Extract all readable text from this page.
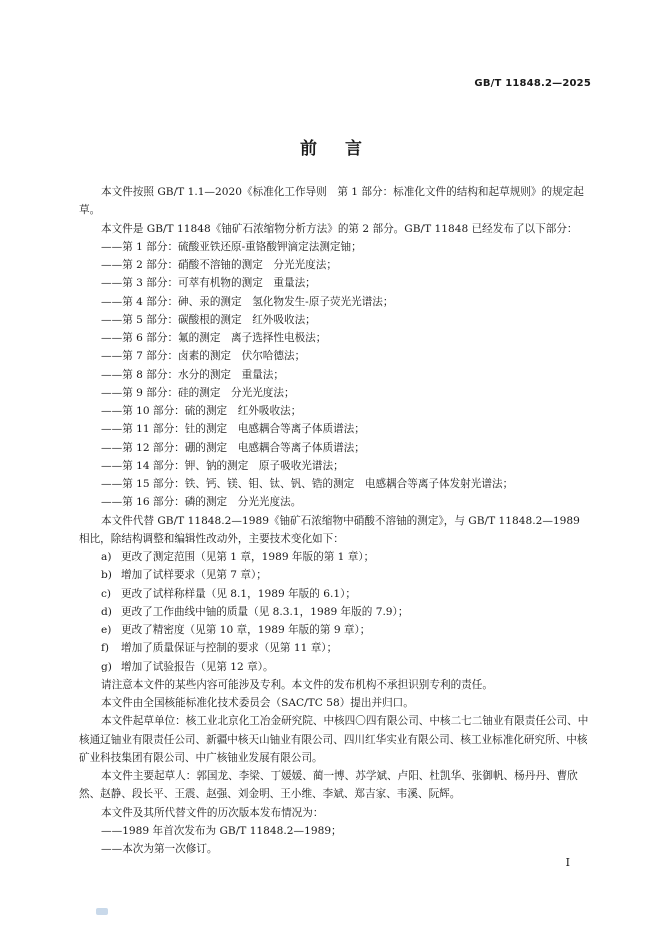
GB/T 11848.2—2025
前言
本文件按照 GB/T 1.1—2020《标准化工作导则　第 1 部分：标准化文件的结构和起草规则》的规定起草。
本文件是 GB/T 11848《铀矿石浓缩物分析方法》的第 2 部分。GB/T 11848 已经发布了以下部分：
——第 1 部分：硫酸亚铁还原-重铬酸钾滴定法测定铀；
——第 2 部分：硝酸不溶铀的测定　分光光度法；
——第 3 部分：可萃有机物的测定　重量法；
——第 4 部分：砷、汞的测定　氢化物发生-原子荧光光谱法；
——第 5 部分：碳酸根的测定　红外吸收法；
——第 6 部分：氟的测定　离子选择性电极法；
——第 7 部分：卤素的测定　伏尔哈德法；
——第 8 部分：水分的测定　重量法；
——第 9 部分：硅的测定　分光光度法；
——第 10 部分：硫的测定　红外吸收法；
——第 11 部分：钍的测定　电感耦合等离子体质谱法；
——第 12 部分：硼的测定　电感耦合等离子体质谱法；
——第 14 部分：钾、钠的测定　原子吸收光谱法；
——第 15 部分：铁、钙、镁、钼、钛、钒、锆的测定　电感耦合等离子体发射光谱法；
——第 16 部分：磷的测定　分光光度法。
本文件代替 GB/T 11848.2—1989《铀矿石浓缩物中硝酸不溶铀的测定》，与 GB/T 11848.2—1989 相比，除结构调整和编辑性改动外，主要技术变化如下：
a) 更改了测定范围（见第 1 章，1989 年版的第 1 章）；
b) 增加了试样要求（见第 7 章）；
c) 更改了试样称样量（见 8.1，1989 年版的 6.1）；
d) 更改了工作曲线中铀的质量（见 8.3.1，1989 年版的 7.9）；
e) 更改了精密度（见第 10 章，1989 年版的第 9 章）；
f) 增加了质量保证与控制的要求（见第 11 章）；
g) 增加了试验报告（见第 12 章）。
请注意本文件的某些内容可能涉及专利。本文件的发布机构不承担识别专利的责任。
本文件由全国核能标准化技术委员会（SAC/TC 58）提出并归口。
本文件起草单位：核工业北京化工冶金研究院、中核四〇四有限公司、中核二七二铀业有限责任公司、中核通辽铀业有限责任公司、新疆中核天山铀业有限公司、四川红华实业有限公司、核工业标准化研究所、中核矿业科技集团有限公司、中广核铀业发展有限公司。
本文件主要起草人：郭国龙、李梁、丁媛媛、蔺一博、苏学斌、卢阳、杜凯华、张御帆、杨丹丹、曹欣然、赵静、段长平、王震、赵强、刘金明、王小维、李斌、郑吉家、韦溪、阮辉。
本文件及其所代替文件的历次版本发布情况为：
——1989 年首次发布为 GB/T 11848.2—1989；
——本次为第一次修订。
I
